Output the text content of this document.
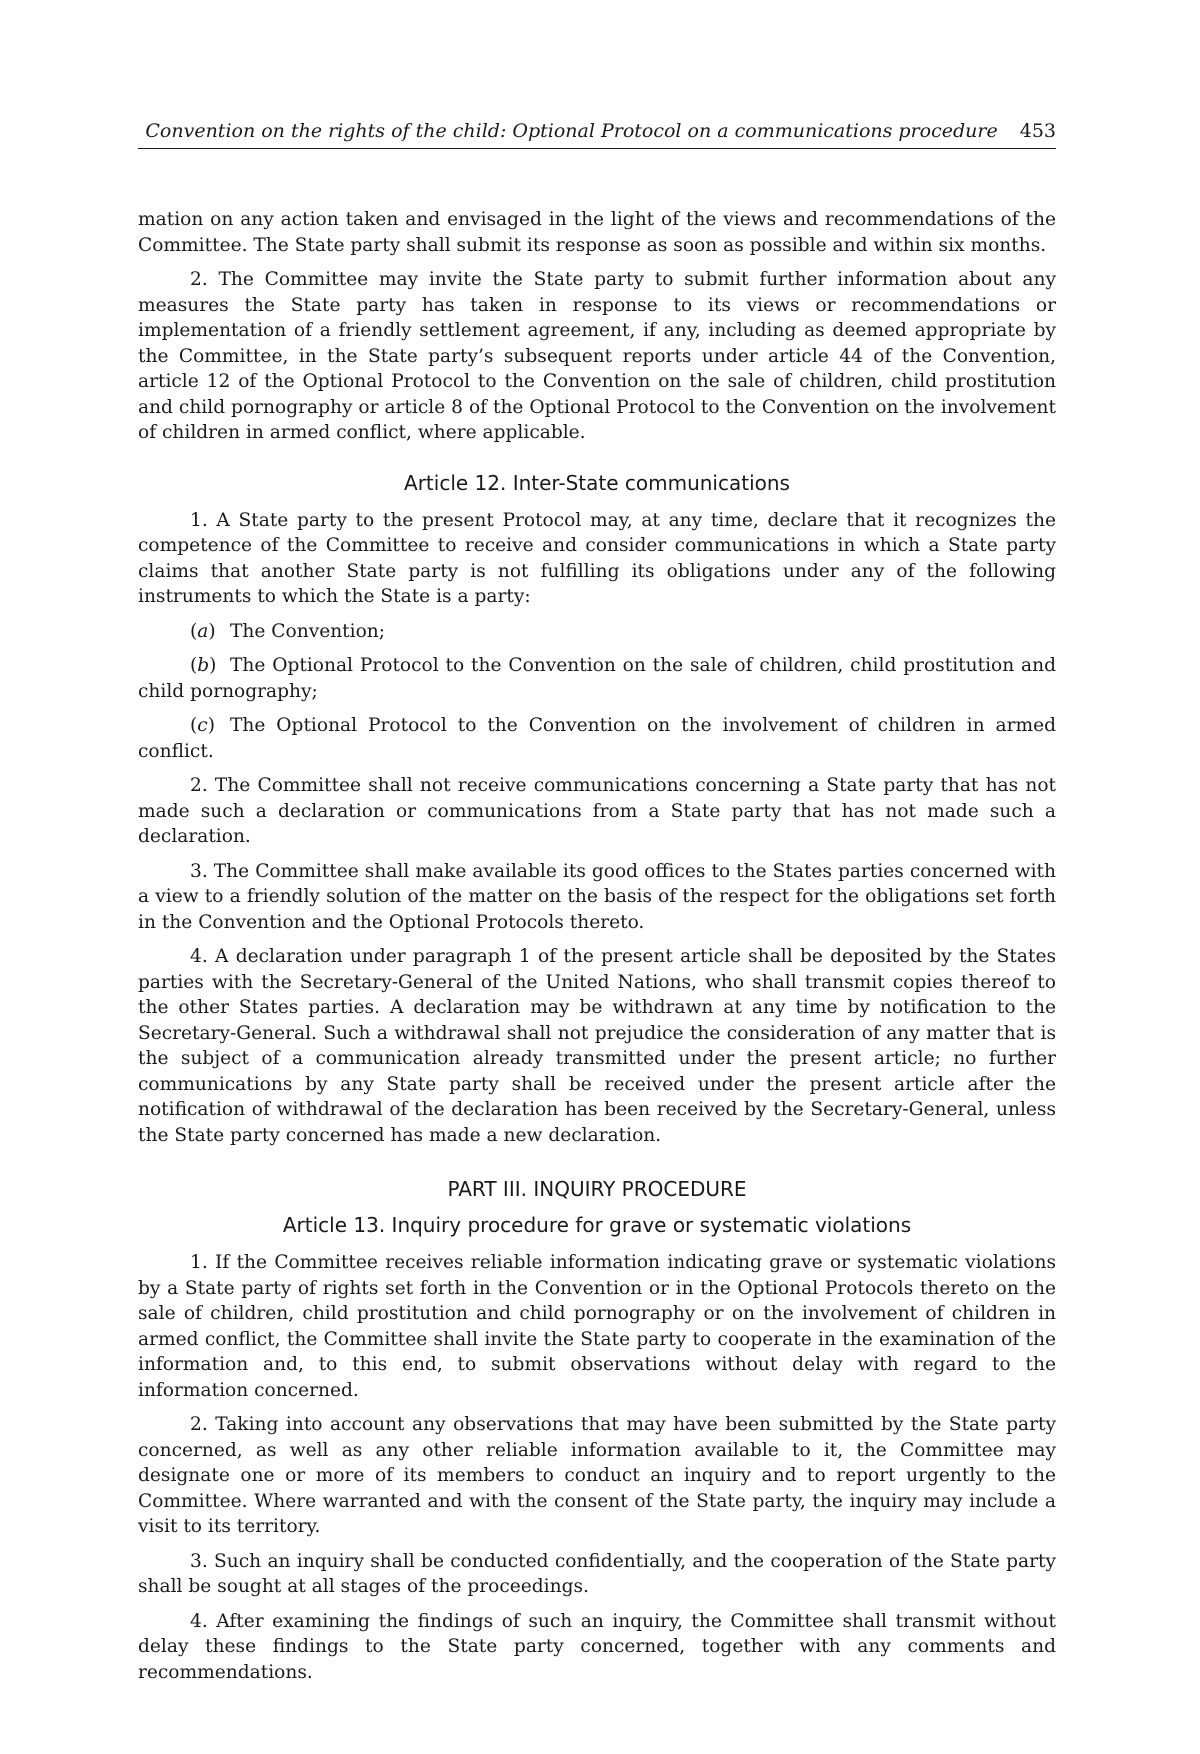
Convention on the rights of the child: Optional Protocol on a communications procedure 453

mation on any action taken and envisaged in the light of the views and recommendations of the Committee. The State party shall submit its response as soon as possible and within six months.

2. The Committee may invite the State party to submit further information about any measures the State party has taken in response to its views or recommendations or implementation of a friendly settlement agreement, if any, including as deemed appropriate by the Committee, in the State party’s subsequent reports under article 44 of the Convention, article 12 of the Optional Protocol to the Convention on the sale of children, child prostitution and child pornography or article 8 of the Optional Protocol to the Convention on the involvement of children in armed conflict, where applicable.

Article 12. Inter-State communications

1. A State party to the present Protocol may, at any time, declare that it recognizes the competence of the Committee to receive and consider communications in which a State party claims that another State party is not fulfilling its obligations under any of the following instruments to which the State is a party:

(a) The Convention;

(b) The Optional Protocol to the Convention on the sale of children, child prostitution and child pornography;

(c) The Optional Protocol to the Convention on the involvement of children in armed conflict.

2. The Committee shall not receive communications concerning a State party that has not made such a declaration or communications from a State party that has not made such a declaration.

3. The Committee shall make available its good offices to the States parties concerned with a view to a friendly solution of the matter on the basis of the respect for the obligations set forth in the Convention and the Optional Protocols thereto.

4. A declaration under paragraph 1 of the present article shall be deposited by the States parties with the Secretary-General of the United Nations, who shall transmit copies thereof to the other States parties. A declaration may be withdrawn at any time by notification to the Secretary-General. Such a withdrawal shall not prejudice the consideration of any matter that is the subject of a communication already transmitted under the present article; no further communications by any State party shall be received under the present article after the notification of withdrawal of the declaration has been received by the Secretary-General, unless the State party concerned has made a new declaration.

PART III. INQUIRY PROCEDURE
Article 13. Inquiry procedure for grave or systematic violations

1. If the Committee receives reliable information indicating grave or systematic violations by a State party of rights set forth in the Convention or in the Optional Protocols thereto on the sale of children, child prostitution and child pornography or on the involvement of children in armed conflict, the Committee shall invite the State party to cooperate in the examination of the information and, to this end, to submit observations without delay with regard to the information concerned.

2. Taking into account any observations that may have been submitted by the State party concerned, as well as any other reliable information available to it, the Committee may designate one or more of its members to conduct an inquiry and to report urgently to the Committee. Where warranted and with the consent of the State party, the inquiry may include a visit to its territory.

3. Such an inquiry shall be conducted confidentially, and the cooperation of the State party shall be sought at all stages of the proceedings.

4. After examining the findings of such an inquiry, the Committee shall transmit without delay these findings to the State party concerned, together with any comments and recommendations.
